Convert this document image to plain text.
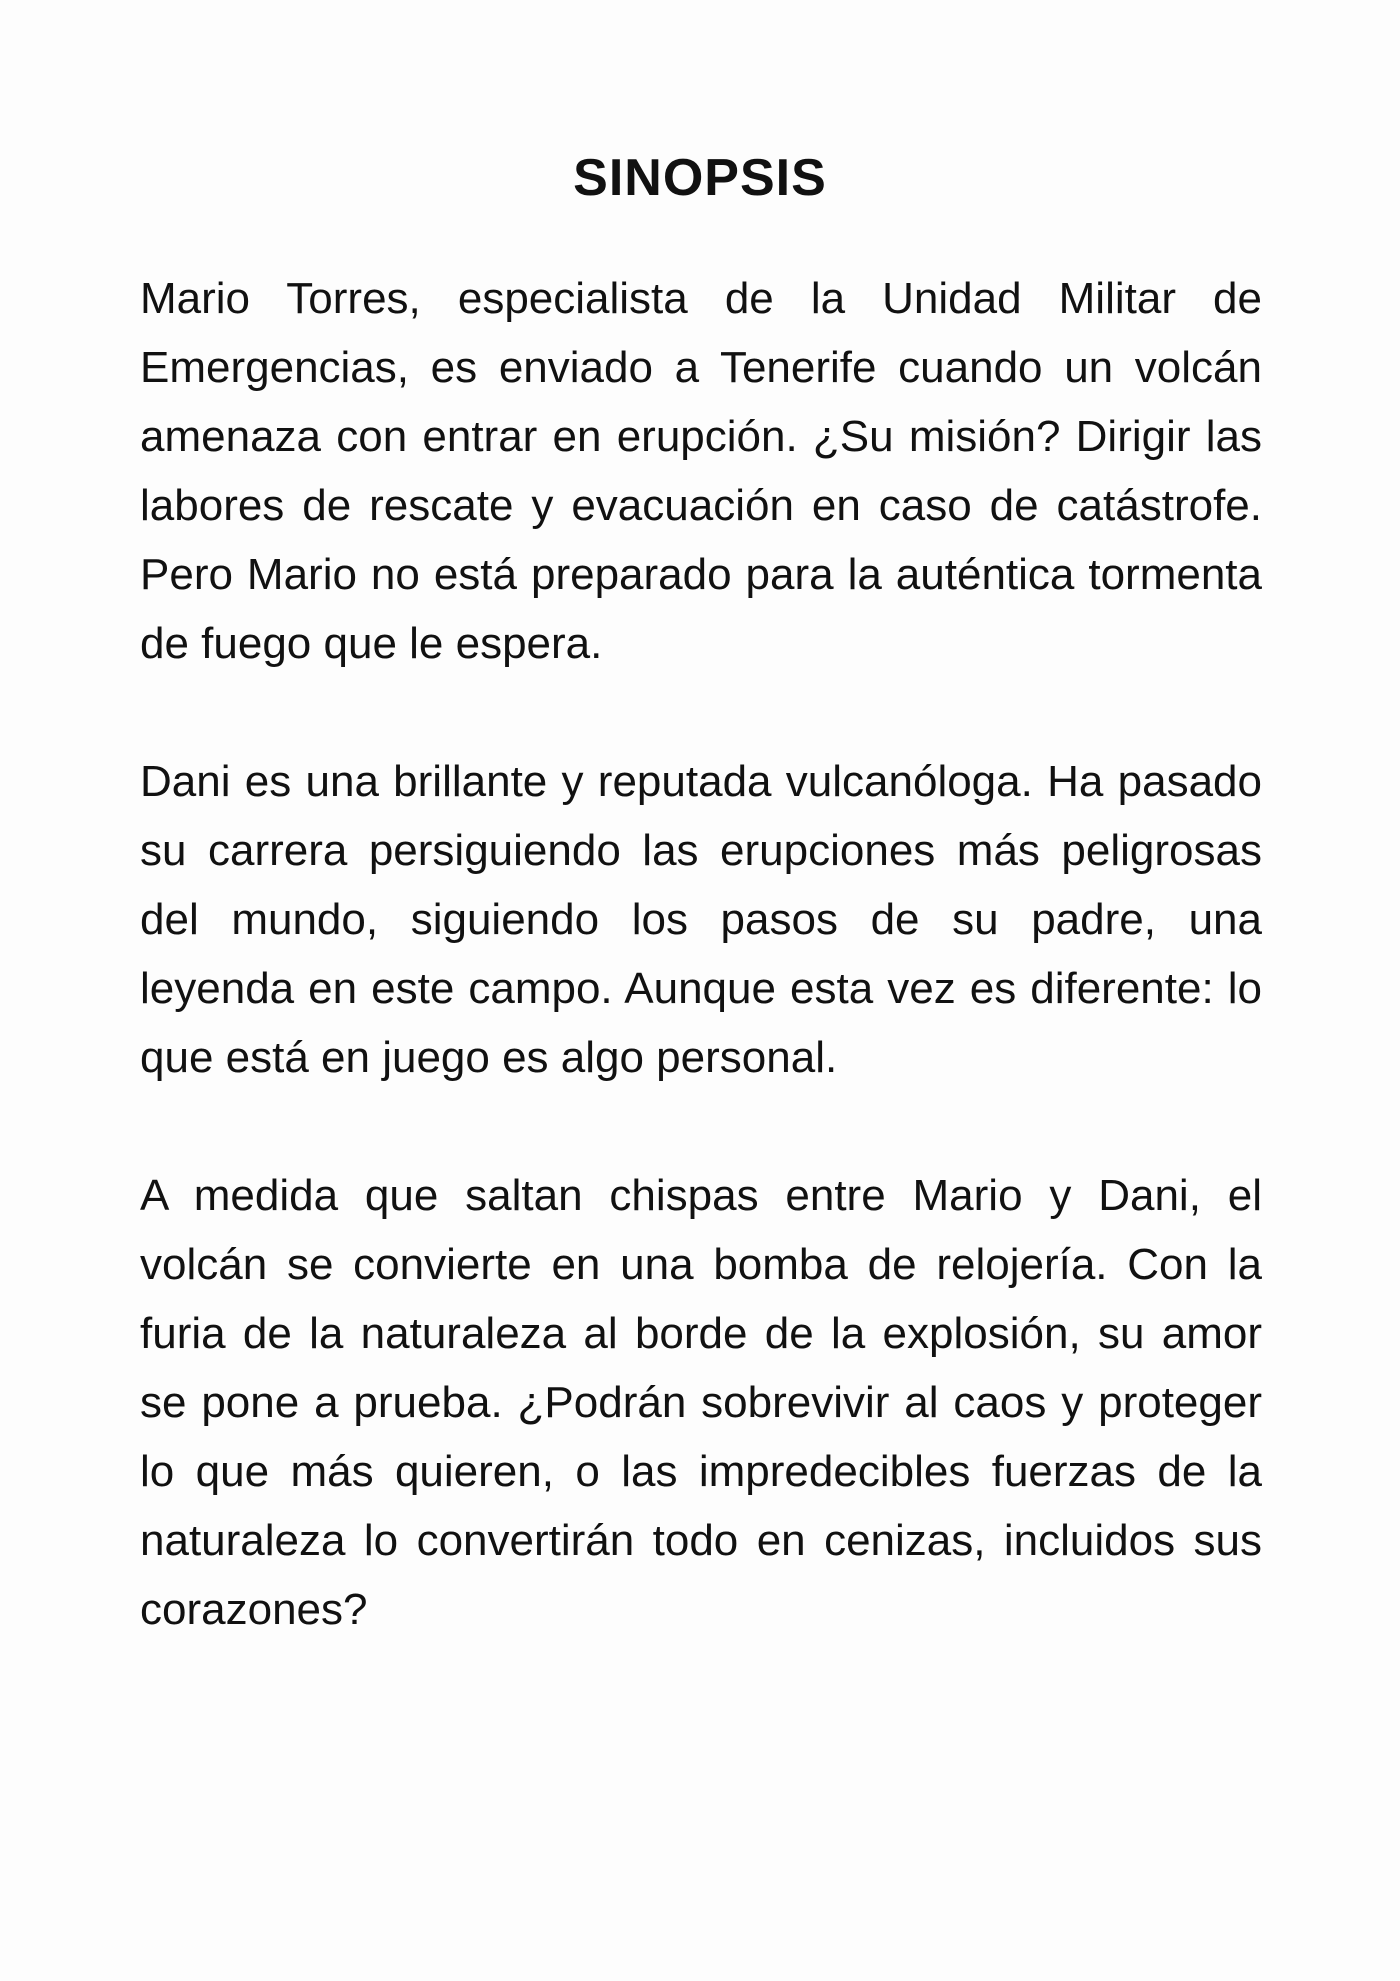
SINOPSIS

Mario Torres, especialista de la Unidad Militar de Emergencias, es enviado a Tenerife cuando un volcán amenaza con entrar en erupción. ¿Su misión? Dirigir las labores de rescate y evacuación en caso de catástrofe. Pero Mario no está preparado para la auténtica tormenta de fuego que le espera.

Dani es una brillante y reputada vulcanóloga. Ha pasado su carrera persiguiendo las erupciones más peligrosas del mundo, siguiendo los pasos de su padre, una leyenda en este campo. Aunque esta vez es diferente: lo que está en juego es algo personal.

A medida que saltan chispas entre Mario y Dani, el volcán se convierte en una bomba de relojería. Con la furia de la naturaleza al borde de la explosión, su amor se pone a prueba. ¿Podrán sobrevivir al caos y proteger lo que más quieren, o las impredecibles fuerzas de la naturaleza lo convertirán todo en cenizas, incluidos sus corazones?
